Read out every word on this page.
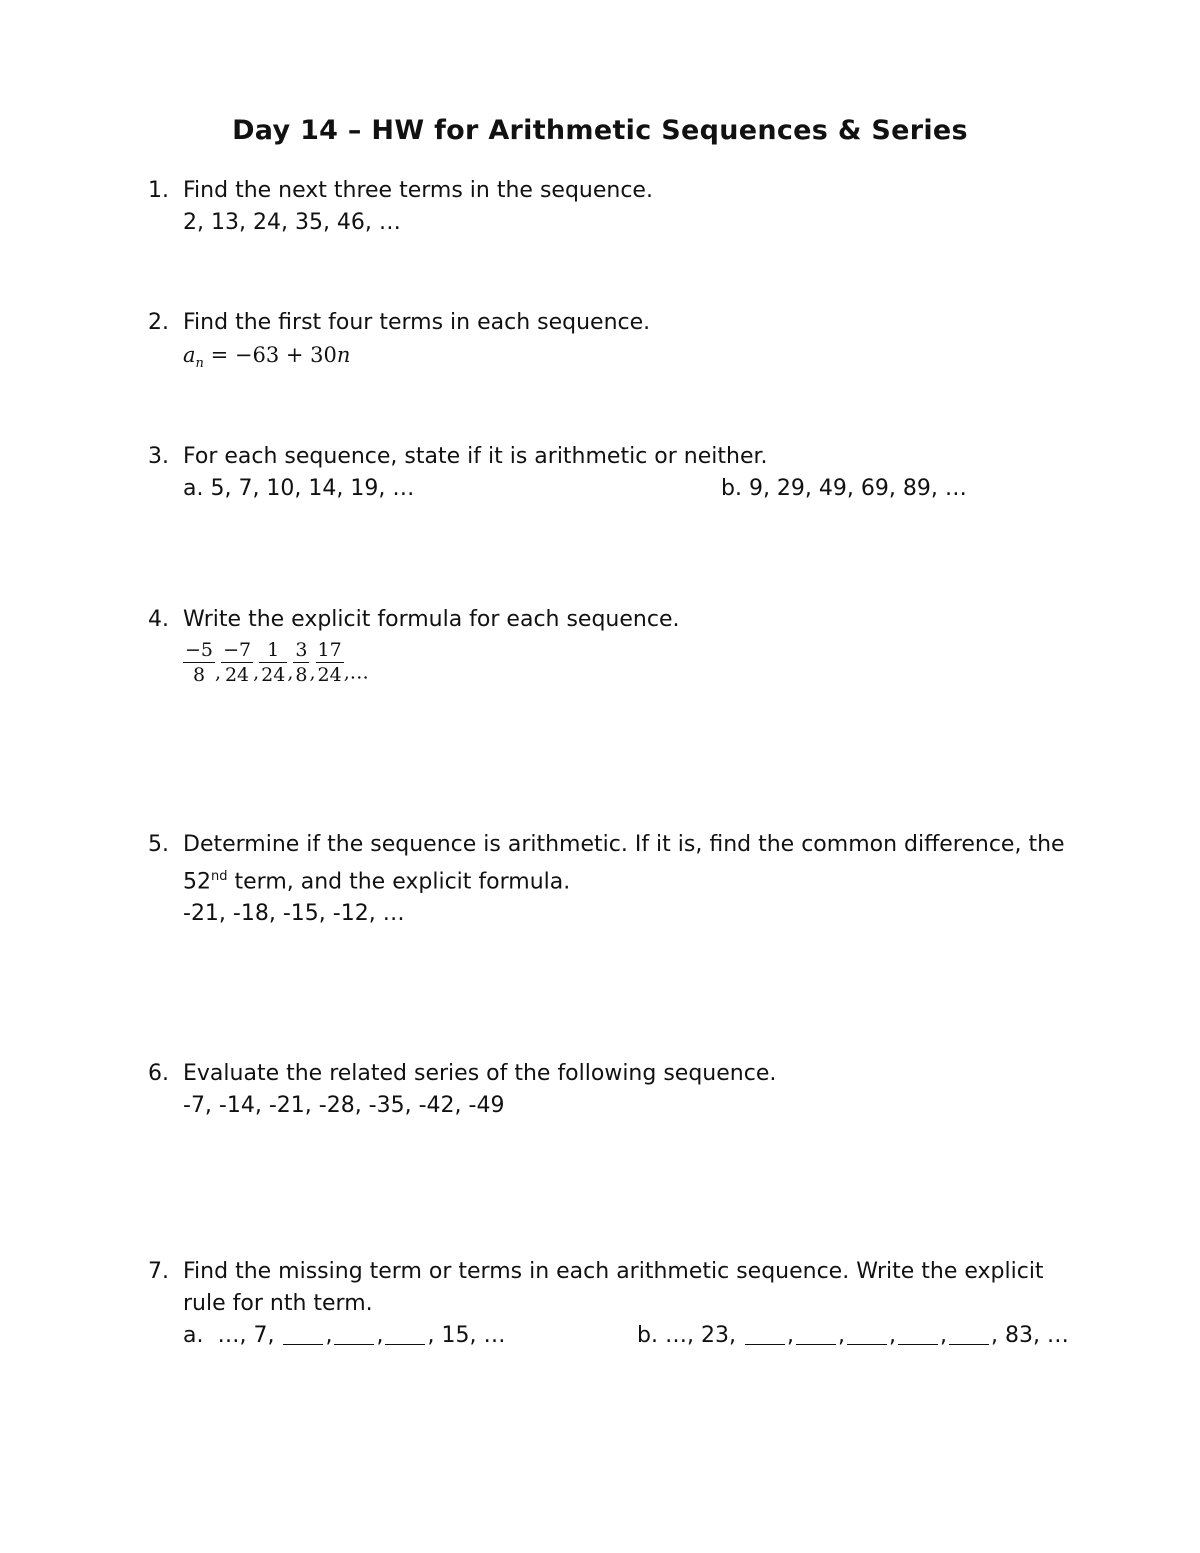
Day 14 – HW for Arithmetic Sequences & Series
1. Find the next three terms in the sequence.
2, 13, 24, 35, 46, …
2. Find the first four terms in each sequence.
$a_n = -63 + 30n$
3. For each sequence, state if it is arithmetic or neither.
a. 5, 7, 10, 14, 19, …	b. 9, 29, 49, 69, 89, …
4. Write the explicit formula for each sequence.
$\frac{-5}{8}$ , $\frac{-7}{24}$ , $\frac{1}{24}$ , $\frac{3}{8}$ , $\frac{17}{24}$ ,…
5. Determine if the sequence is arithmetic. If it is, find the common difference, the
52nd term, and the explicit formula.
-21, -18, -15, -12, …
6. Evaluate the related series of the following sequence.
-7, -14, -21, -28, -35, -42, -49
7. Find the missing term or terms in each arithmetic sequence. Write the explicit
rule for nth term.
a. …, 7, , , , 15, …	b. …, 23, , , , , , 83, …
